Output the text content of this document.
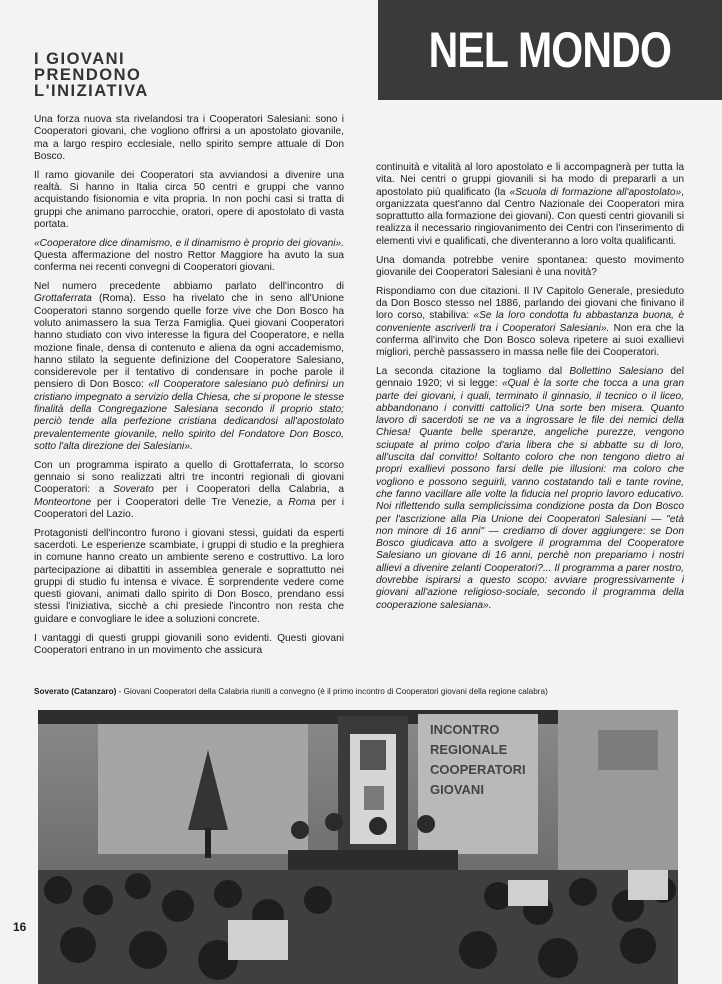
NEL MONDO
I GIOVANI
PRENDONO
L'INIZIATIVA

Una forza nuova sta rivelandosi tra i Cooperatori Salesiani: sono i Cooperatori giovani, che vogliono offrirsi a un apostolato giovanile, ma a largo respiro ecclesiale, nello spirito sempre attuale di Don Bosco.

Il ramo giovanile dei Cooperatori sta avviandosi a divenire una realtà. Si hanno in Italia circa 50 centri e gruppi che vanno acquistando fisionomia e vita propria. In non pochi casi si tratta di gruppi che animano parrocchie, oratori, opere di apostolato di vasta portata.

«Cooperatore dice dinamismo, e il dinamismo è proprio dei giovani». Questa affermazione del nostro Rettor Maggiore ha avuto la sua conferma nei recenti convegni di Cooperatori giovani.

Nel numero precedente abbiamo parlato dell'incontro di Grottaferrata (Roma). Esso ha rivelato che in seno all'Unione Cooperatori stanno sorgendo quelle forze vive che Don Bosco ha voluto animassero la sua Terza Famiglia. Quei giovani Cooperatori hanno studiato con vivo interesse la figura del Cooperatore, e nella mozione finale, densa di contenuto e aliena da ogni accademismo, hanno stilato la seguente definizione del Cooperatore Salesiano, considerevole per il tentativo di condensare in poche parole il pensiero di Don Bosco: «Il Cooperatore salesiano può definirsi un cristiano impegnato a servizio della Chiesa, che si propone le stesse finalità della Congregazione Salesiana secondo il proprio stato; perciò tende alla perfezione cristiana dedicandosi all'apostolato prevalentemente giovanile, nello spirito del Fondatore Don Bosco, sotto l'alta direzione dei Salesiani».

Con un programma ispirato a quello di Grottaferrata, lo scorso gennaio si sono realizzati altri tre incontri regionali di giovani Cooperatori: a Soverato per i Cooperatori della Calabria, a Monteortone per i Cooperatori delle Tre Venezie, a Roma per i Cooperatori del Lazio.

Protagonisti dell'incontro furono i giovani stessi, guidati da esperti sacerdoti. Le esperienze scambiate, i gruppi di studio e la preghiera in comune hanno creato un ambiente sereno e costruttivo. La loro partecipazione ai dibattiti in assemblea generale e soprattutto nei gruppi di studio fu intensa e vivace. È sorprendente vedere come questi giovani, animati dallo spirito di Don Bosco, prendano essi stessi l'iniziativa, sicchè a chi presiede l'incontro non resta che guidare e convogliare le idee a soluzioni concrete.

I vantaggi di questi gruppi giovanili sono evidenti. Questi giovani Cooperatori entrano in un movimento che assicura

continuità e vitalità al loro apostolato e li accompagnerà per tutta la vita. Nei centri o gruppi giovanili si ha modo di prepararli a un apostolato più qualificato (la «Scuola di formazione all'apostolato», organizzata quest'anno dal Centro Nazionale dei Cooperatori mira soprattutto alla formazione dei giovani). Con questi centri giovanili si realizza il necessario ringiovanimento dei Centri con l'inserimento di elementi vivi e qualificati, che diventeranno a loro volta qualificanti.

Una domanda potrebbe venire spontanea: questo movimento giovanile dei Cooperatori Salesiani è una novità?

Rispondiamo con due citazioni. Il IV Capitolo Generale, presieduto da Don Bosco stesso nel 1886, parlando dei giovani che finivano il loro corso, stabiliva: «Se la loro condotta fu abbastanza buona, è conveniente ascriverli tra i Cooperatori Salesiani». Non era che la conferma all'invito che Don Bosco soleva ripetere ai suoi exallievi migliori, perchè passassero in massa nelle file dei Cooperatori.

La seconda citazione la togliamo dal Bollettino Salesiano del gennaio 1920; vi si legge: «Qual è la sorte che tocca a una gran parte dei giovani, i quali, terminato il ginnasio, il tecnico o il liceo, abbandonano i convitti cattolici? Una sorte ben misera. Quanto lavoro di sacerdoti se ne va a ingrossare le file dei nemici della Chiesa! Quante belle speranze, angeliche purezze, vengono sciupate al primo colpo d'aria libera che si abbatte su di loro, all'uscita dal convitto! Soltanto coloro che non tengono dietro ai propri exallievi possono farsi delle pie illusioni: ma coloro che vogliono e possono seguirli, vanno costatando tali e tante rovine, che fanno vacillare alle volte la fiducia nel proprio lavoro educativo. Noi riflettendo sulla semplicissima condizione posta da Don Bosco per l'ascrizione alla Pia Unione dei Cooperatori Salesiani — "età non minore di 16 anni" — crediamo di dover aggiungere: se Don Bosco giudicava atto a svolgere il programma del Cooperatore Salesiano un giovane di 16 anni, perchè non prepariamo i nostri allievi a divenire zelanti Cooperatori?... Il programma a parer nostro, dovrebbe ispirarsi a questo scopo: avviare progressivamente i giovani all'azione religioso-sociale, secondo il programma della cooperazione salesiana».

Soverato (Catanzaro) - Giovani Cooperatori della Calabria riuniti a convegno (è il primo incontro di Cooperatori giovani della regione calabra)
INCONTRO
REGIONALE
COOPERATORI
GIOVANI
16
